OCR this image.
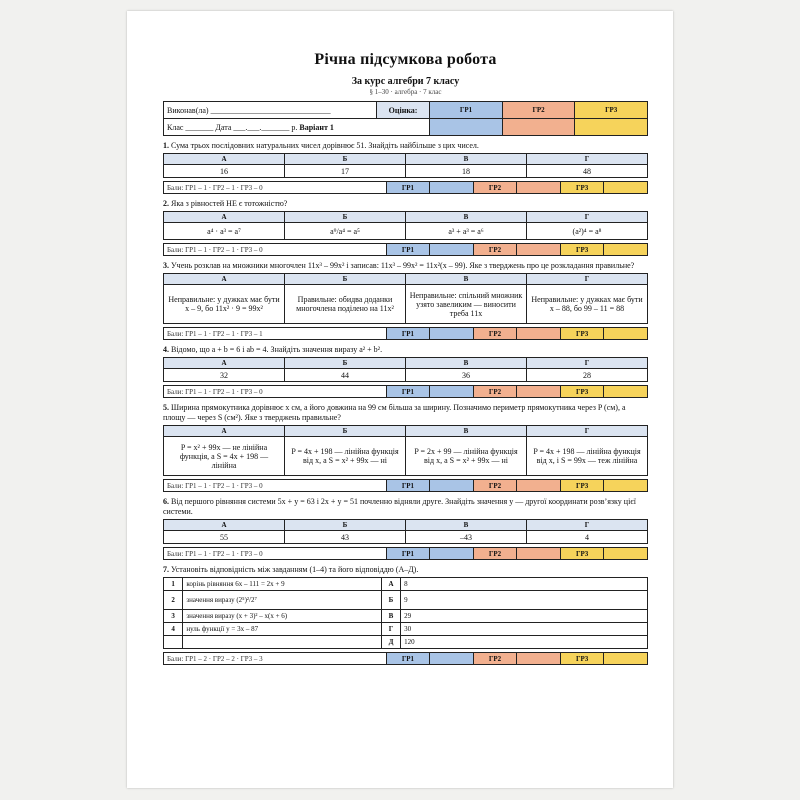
Річна підсумкова робота
За курс алгебри 7 класу
§ 1–30 · алгебра · 7 клас
Виконав(ла) ______________________________	Оцінка:	ГР1	ГР2	ГР3
Клас _______ Дата ___.___._______ р. Варіант 1				
1. Сума трьох послідовних натуральних чисел дорівнює 51. Знайдіть найбільше з цих чисел.
А	Б	В	Г
16	17	18	48
Бали: ГР1 – 1 · ГР2 – 1 · ГР3 – 0	ГР1		ГР2		ГР3	
2. Яка з рівностей НЕ є тотожністю?
А	Б	В	Г
a⁴ · a³ = a⁷	a⁹/a⁴ = a⁵	a³ + a³ = a⁶	(a²)⁴ = a⁸
Бали: ГР1 – 1 · ГР2 – 1 · ГР3 – 0	ГР1		ГР2		ГР3	
3. Учень розклав на множники многочлен 11x³ – 99x² і записав: 11x³ – 99x² = 11x²(x – 99). Яке з тверджень про це розкладання правильне?
А	Б	В	Г
Неправильне: у дужках має бути x – 9, бо 11x² · 9 = 99x²	Правильне: обидва доданки многочлена поділено на 11x²	Неправильне: спільний множник узято завеликим — виносити треба 11x	Неправильне: у дужках має бути x – 88, бо 99 – 11 = 88
Бали: ГР1 – 1 · ГР2 – 1 · ГР3 – 1	ГР1		ГР2		ГР3	
4. Відомо, що a + b = 6 і ab = 4. Знайдіть значення виразу a² + b².
А	Б	В	Г
32	44	36	28
Бали: ГР1 – 1 · ГР2 – 1 · ГР3 – 0	ГР1		ГР2		ГР3	
5. Ширина прямокутника дорівнює x см, а його довжина на 99 см більша за ширину. Позначимо периметр прямокутника через P (см), а площу — через S (см²). Яке з тверджень правильне?
А	Б	В	Г
P = x² + 99x — не лінійна функція, а S = 4x + 198 — лінійна	P = 4x + 198 — лінійна функція від x, а S = x² + 99x — ні	P = 2x + 99 — лінійна функція від x, а S = x² + 99x — ні	P = 4x + 198 — лінійна функція від x, і S = 99x — теж лінійна
Бали: ГР1 – 1 · ГР2 – 1 · ГР3 – 0	ГР1		ГР2		ГР3	
6. Від першого рівняння системи 5x + y = 63 і 2x + y = 51 почленно відняли друге. Знайдіть значення y — другої координати розв’язку цієї системи.
А	Б	В	Г
55	43	–43	4
Бали: ГР1 – 1 · ГР2 – 1 · ГР3 – 0	ГР1		ГР2		ГР3	
7. Установіть відповідність між завданням (1–4) та його відповіддю (А–Д).
1	корінь рівняння 6x – 111 = 2x + 9	А	8
2	значення виразу (2⁵)²/2⁷	Б	9
3	значення виразу (x + 3)² – x(x + 6)	В	29
4	нуль функції y = 3x – 87	Г	30
		Д	120
Бали: ГР1 – 2 · ГР2 – 2 · ГР3 – 3	ГР1		ГР2		ГР3	
